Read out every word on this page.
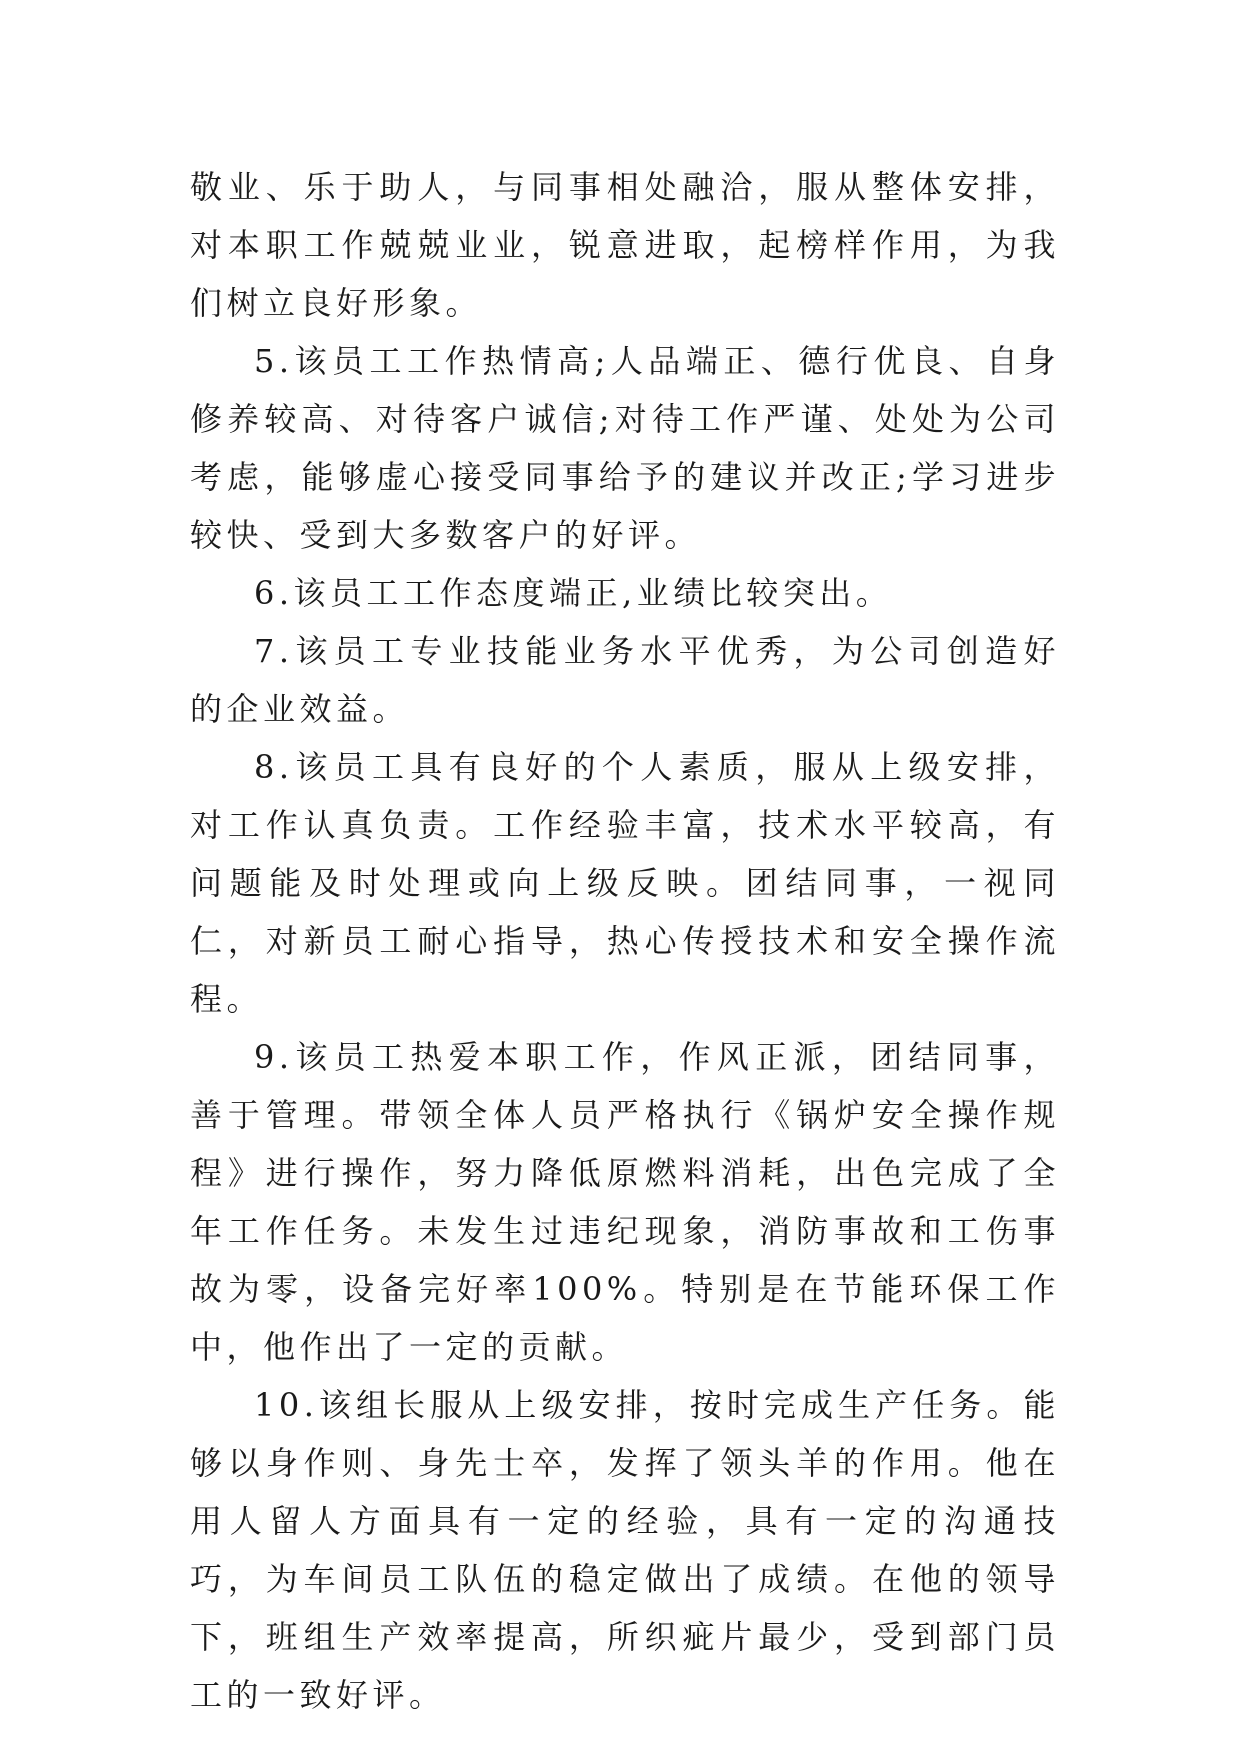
敬业、乐于助人，与同事相处融洽，服从整体安排，对本职工作兢兢业业，锐意进取，起榜样作用，为我们树立良好形象。

5.该员工工作热情高;人品端正、德行优良、自身修养较高、对待客户诚信;对待工作严谨、处处为公司考虑，能够虚心接受同事给予的建议并改正;学习进步较快、受到大多数客户的好评。

6.该员工工作态度端正,业绩比较突出。

7.该员工专业技能业务水平优秀，为公司创造好的企业效益。

8.该员工具有良好的个人素质，服从上级安排，对工作认真负责。工作经验丰富，技术水平较高，有问题能及时处理或向上级反映。团结同事，一视同仁，对新员工耐心指导，热心传授技术和安全操作流程。

9.该员工热爱本职工作，作风正派，团结同事，善于管理。带领全体人员严格执行《锅炉安全操作规程》进行操作，努力降低原燃料消耗，出色完成了全年工作任务。未发生过违纪现象，消防事故和工伤事故为零，设备完好率100%。特别是在节能环保工作中，他作出了一定的贡献。

10.该组长服从上级安排，按时完成生产任务。能够以身作则、身先士卒，发挥了领头羊的作用。他在用人留人方面具有一定的经验，具有一定的沟通技巧，为车间员工队伍的稳定做出了成绩。在他的领导下，班组生产效率提高，所织疵片最少，受到部门员工的一致好评。
